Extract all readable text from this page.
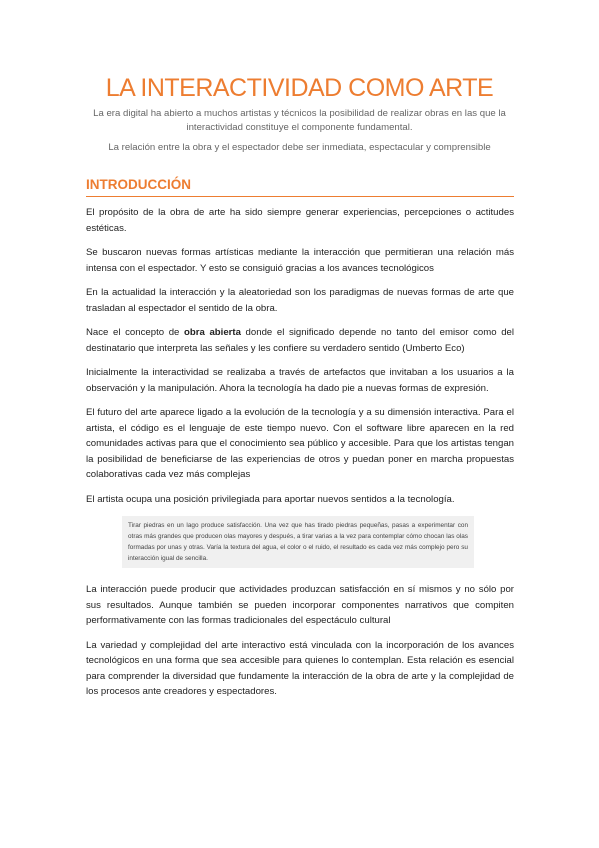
LA INTERACTIVIDAD COMO ARTE
La era digital ha abierto a muchos artistas y técnicos la posibilidad de realizar obras en las que la interactividad constituye el componente fundamental.
La relación entre la obra y el espectador debe ser inmediata, espectacular y comprensible
INTRODUCCIÓN

El propósito de la obra de arte ha sido siempre generar experiencias, percepciones o actitudes estéticas.

Se buscaron nuevas formas artísticas mediante la interacción que permitieran una relación más intensa con el espectador. Y esto se consiguió gracias a los avances tecnológicos

En la actualidad la interacción y la aleatoriedad son los paradigmas de nuevas formas de arte que trasladan al espectador el sentido de la obra.

Nace el concepto de obra abierta donde el significado depende no tanto del emisor como del destinatario que interpreta las señales y les confiere su verdadero sentido (Umberto Eco)

Inicialmente la interactividad se realizaba a través de artefactos que invitaban a los usuarios a la observación y la manipulación. Ahora la tecnología ha dado pie a nuevas formas de expresión.

El futuro del arte aparece ligado a la evolución de la tecnología y a su dimensión interactiva. Para el artista, el código es el lenguaje de este tiempo nuevo. Con el software libre aparecen en la red comunidades activas para que el conocimiento sea público y accesible. Para que los artistas tengan la posibilidad de beneficiarse de las experiencias de otros y puedan poner en marcha propuestas colaborativas cada vez más complejas

El artista ocupa una posición privilegiada para aportar nuevos sentidos a la tecnología.

Tirar piedras en un lago produce satisfacción. Una vez que has tirado piedras pequeñas, pasas a experimentar con otras más grandes que producen olas mayores y después, a tirar varias a la vez para contemplar cómo chocan las olas formadas por unas y otras. Varía la textura del agua, el color o el ruido, el resultado es cada vez más complejo pero su interacción igual de sencilla.

La interacción puede producir que actividades produzcan satisfacción en sí mismos y no sólo por sus resultados. Aunque también se pueden incorporar componentes narrativos que compiten performativamente con las formas tradicionales del espectáculo cultural

La variedad y complejidad del arte interactivo está vinculada con la incorporación de los avances tecnológicos en una forma que sea accesible para quienes lo contemplan. Esta relación es esencial para comprender la diversidad que fundamente la interacción de la obra de arte y la complejidad de los procesos ante creadores y espectadores.
